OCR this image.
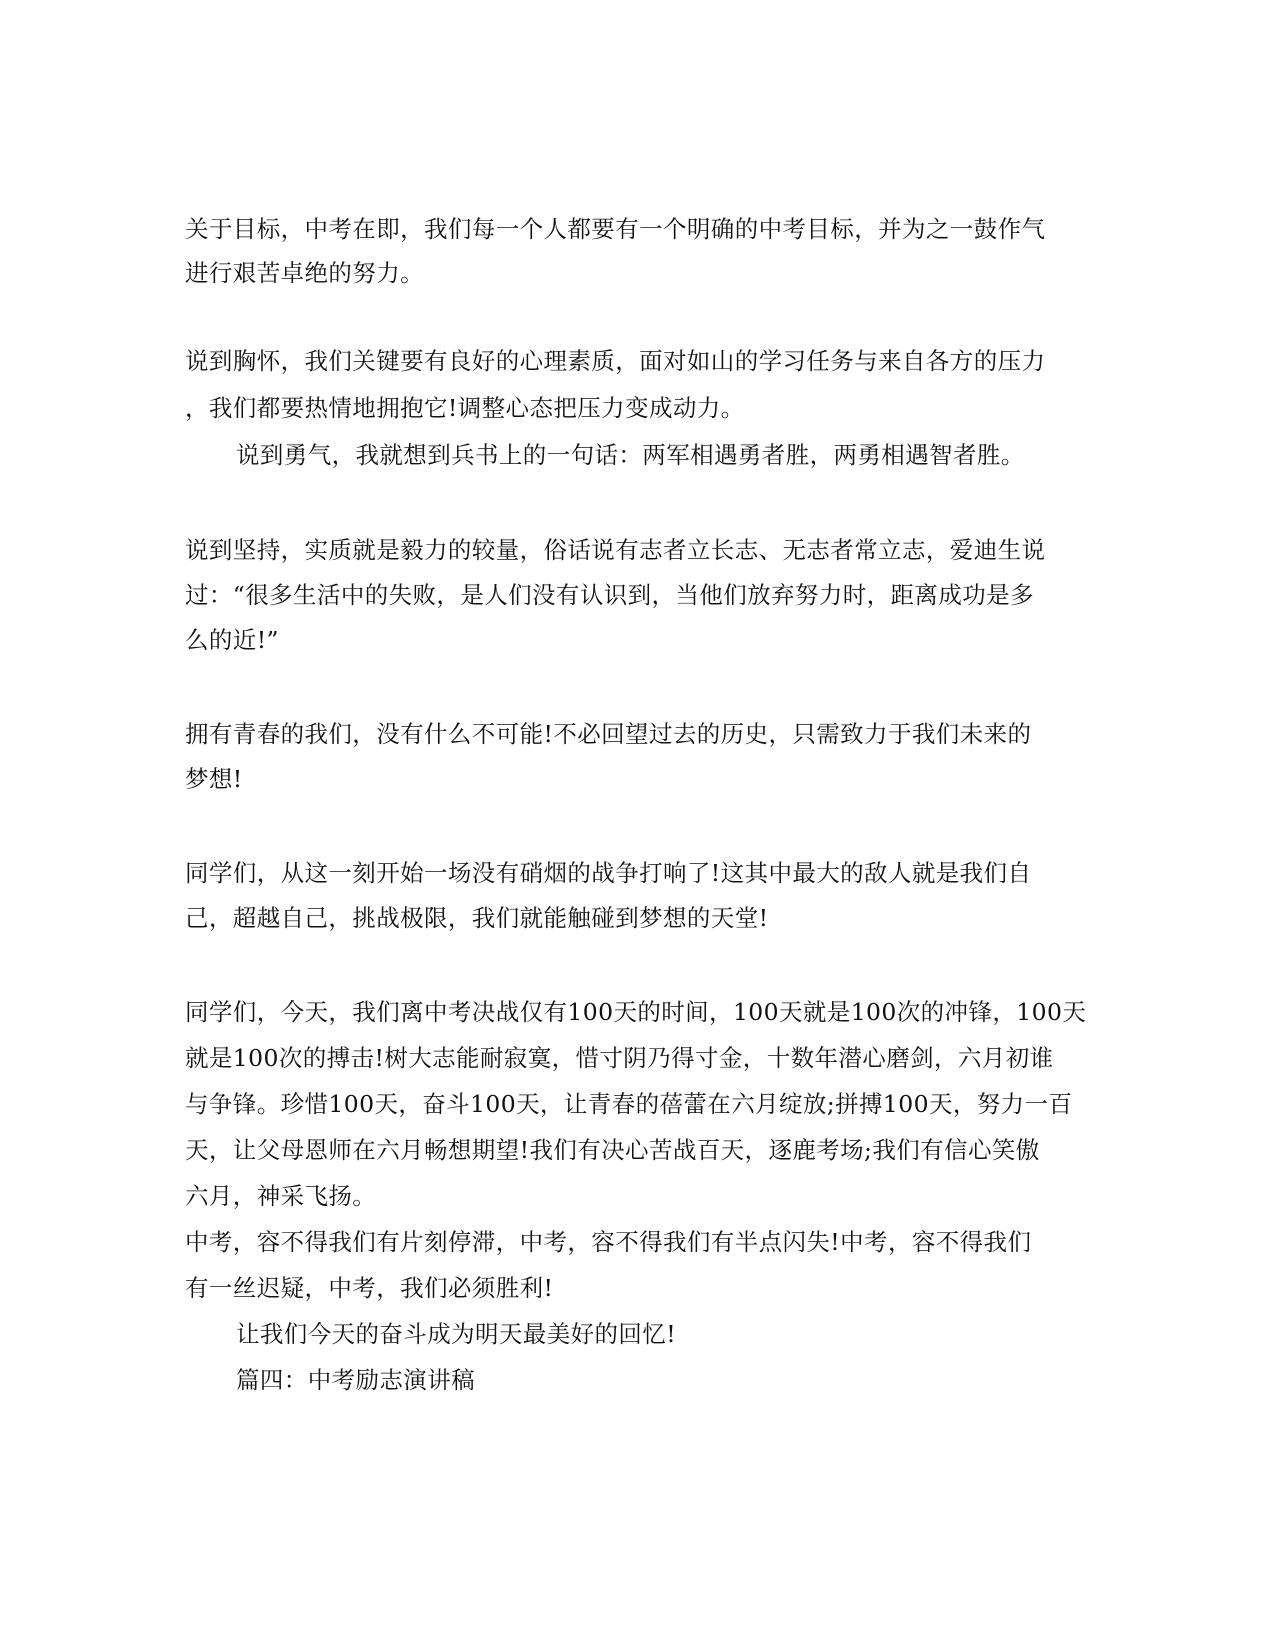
关于目标，中考在即，我们每一个人都要有一个明确的中考目标，并为之一鼓作气
进行艰苦卓绝的努力。
说到胸怀，我们关键要有良好的心理素质，面对如山的学习任务与来自各方的压力
，我们都要热情地拥抱它!调整心态把压力变成动力。
说到勇气，我就想到兵书上的一句话：两军相遇勇者胜，两勇相遇智者胜。
说到坚持，实质就是毅力的较量，俗话说有志者立长志、无志者常立志，爱迪生说
过：“很多生活中的失败，是人们没有认识到，当他们放弃努力时，距离成功是多
么的近!”
拥有青春的我们，没有什么不可能!不必回望过去的历史，只需致力于我们未来的
梦想!
同学们，从这一刻开始一场没有硝烟的战争打响了!这其中最大的敌人就是我们自
己，超越自己，挑战极限，我们就能触碰到梦想的天堂!
同学们，今天，我们离中考决战仅有100天的时间，100天就是100次的冲锋，100天
就是100次的搏击!树大志能耐寂寞，惜寸阴乃得寸金，十数年潜心磨剑，六月初谁
与争锋。珍惜100天，奋斗100天，让青春的蓓蕾在六月绽放;拼搏100天，努力一百
天，让父母恩师在六月畅想期望!我们有决心苦战百天，逐鹿考场;我们有信心笑傲
六月，神采飞扬。
中考，容不得我们有片刻停滞，中考，容不得我们有半点闪失!中考，容不得我们
有一丝迟疑，中考，我们必须胜利!
让我们今天的奋斗成为明天最美好的回忆!
篇四：中考励志演讲稿
